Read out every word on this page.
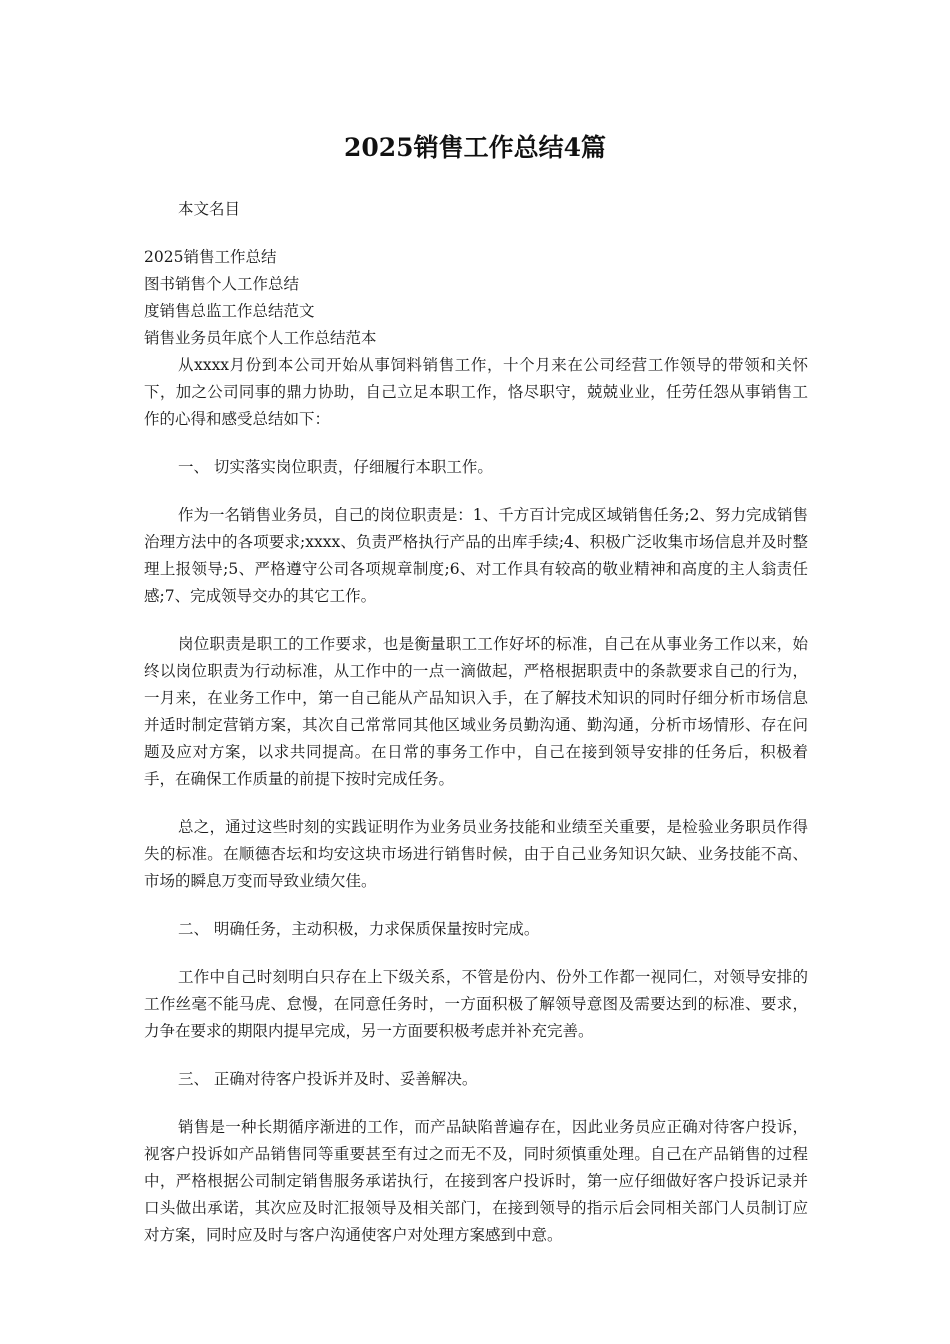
2025销售工作总结4篇

本文名目

2025销售工作总结

图书销售个人工作总结

度销售总监工作总结范文

销售业务员年底个人工作总结范本

从xxxx月份到本公司开始从事饲料销售工作，十个月来在公司经营工作领导的带领和关怀下，加之公司同事的鼎力协助，自己立足本职工作，恪尽职守，兢兢业业，任劳任怨从事销售工作的心得和感受总结如下：

一、 切实落实岗位职责，仔细履行本职工作。

作为一名销售业务员，自己的岗位职责是：1、千方百计完成区域销售任务;2、努力完成销售治理方法中的各项要求;xxxx、负责严格执行产品的出库手续;4、积极广泛收集市场信息并及时整理上报领导;5、严格遵守公司各项规章制度;6、对工作具有较高的敬业精神和高度的主人翁责任感;7、完成领导交办的其它工作。

岗位职责是职工的工作要求，也是衡量职工工作好坏的标准，自己在从事业务工作以来，始终以岗位职责为行动标准，从工作中的一点一滴做起，严格根据职责中的条款要求自己的行为，一月来，在业务工作中，第一自己能从产品知识入手，在了解技术知识的同时仔细分析市场信息并适时制定营销方案，其次自己常常同其他区域业务员勤沟通、勤沟通，分析市场情形、存在问题及应对方案，以求共同提高。在日常的事务工作中，自己在接到领导安排的任务后，积极着手，在确保工作质量的前提下按时完成任务。

总之，通过这些时刻的实践证明作为业务员业务技能和业绩至关重要，是检验业务职员作得失的标准。在顺德杏坛和均安这块市场进行销售时候，由于自己业务知识欠缺、业务技能不高、市场的瞬息万变而导致业绩欠佳。

二、 明确任务，主动积极，力求保质保量按时完成。

工作中自己时刻明白只存在上下级关系，不管是份内、份外工作都一视同仁，对领导安排的工作丝毫不能马虎、怠慢，在同意任务时，一方面积极了解领导意图及需要达到的标准、要求，力争在要求的期限内提早完成，另一方面要积极考虑并补充完善。

三、 正确对待客户投诉并及时、妥善解决。

销售是一种长期循序渐进的工作，而产品缺陷普遍存在，因此业务员应正确对待客户投诉，视客户投诉如产品销售同等重要甚至有过之而无不及，同时须慎重处理。自己在产品销售的过程中，严格根据公司制定销售服务承诺执行，在接到客户投诉时，第一应仔细做好客户投诉记录并口头做出承诺，其次应及时汇报领导及相关部门，在接到领导的指示后会同相关部门人员制订应对方案，同时应及时与客户沟通使客户对处理方案感到中意。
